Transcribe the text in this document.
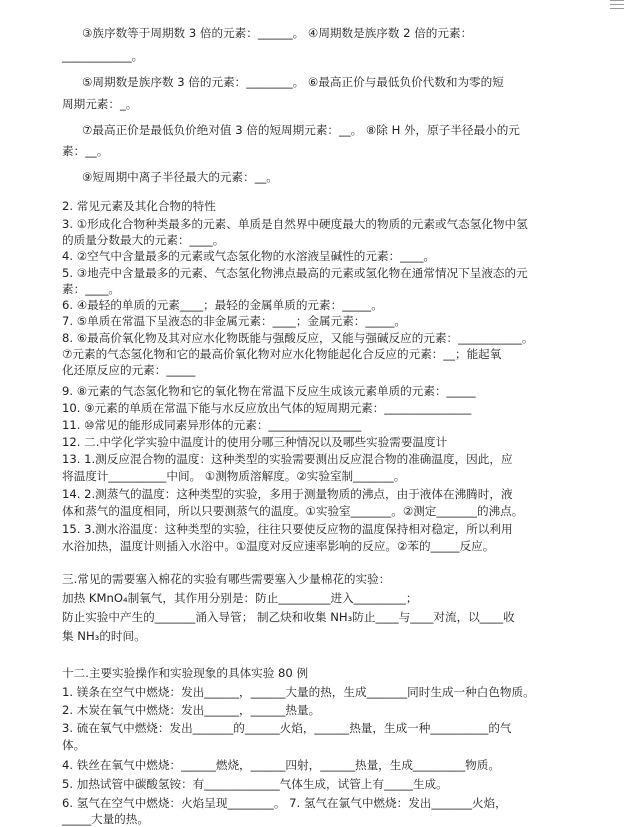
③族序数等于周期数 3 倍的元素：______。 ④周期数是族序数 2 倍的元素：
____________。
⑤周期数是族序数 3 倍的元素：________。 ⑥最高正价与最低负价代数和为零的短
周期元素：_。
⑦最高正价是最低负价绝对值 3 倍的短周期元素：__。 ⑧除 H 外，原子半径最小的元
素：__。
⑨短周期中离子半径最大的元素：__。
2. 常见元素及其化合物的特性
3. ①形成化合物种类最多的元素、单质是自然界中硬度最大的物质的元素或气态氢化物中氢
的质量分数最大的元素：____。
4. ②空气中含量最多的元素或气态氢化物的水溶液呈碱性的元素：____。
5. ③地壳中含量最多的元素、气态氢化物沸点最高的元素或氢化物在通常情况下呈液态的元
素：____。
6. ④最轻的单质的元素____；最轻的金属单质的元素：_____。
7. ⑤单质在常温下呈液态的非金属元素：____；金属元素：_____。
8. ⑥最高价氧化物及其对应水化物既能与强酸反应，又能与强碱反应的元素：___________。
⑦元素的气态氢化物和它的最高价氧化物对应水化物能起化合反应的元素：__；能起氧
化还原反应的元素：_____
9. ⑧元素的气态氢化物和它的氧化物在常温下反应生成该元素单质的元素：_____
10. ⑨元素的单质在常温下能与水反应放出气体的短周期元素：_______________
11. ⑩常见的能形成同素异形体的元素：________________
12. 二.中学化学实验中温度计的使用分哪三种情况以及哪些实验需要温度计
13. 1.测反应混合物的温度：这种类型的实验需要测出反应混合物的准确温度，因此，应
将温度计__________中间。 ①测物质溶解度。②实验室制_______。
14. 2.测蒸气的温度：这种类型的实验，多用于测量物质的沸点，由于液体在沸腾时，液
体和蒸气的温度相同，所以只要测蒸气的温度。①实验室_______。②测定_______的沸点。
15. 3.测水浴温度：这种类型的实验，往往只要使反应物的温度保持相对稳定，所以利用
水浴加热，温度计则插入水浴中。①温度对反应速率影响的反应。②苯的_____反应。
三.常见的需要塞入棉花的实验有哪些需要塞入少量棉花的实验：
加热 KMnO₄制氧气，其作用分别是：防止_________进入_________；
防止实验中产生的_______涌入导管； 制乙炔和收集 NH₃防止____与____对流，以____收
集 NH₃的时间。
十二.主要实验操作和实验现象的具体实验 80 例
1. 镁条在空气中燃烧：发出______，______大量的热，生成_______同时生成一种白色物质。
2. 木炭在氧气中燃烧：发出______，______热量。
3. 硫在氧气中燃烧：发出_______的______火焰，______热量，生成一种__________的气
体。
4. 铁丝在氧气中燃烧：______燃烧，______四射，______热量，生成_________物质。
5. 加热试管中碳酸氢铵：有_____________气体生成，试管上有_____生成。
6. 氢气在空气中燃烧：火焰呈现________。 7. 氢气在氯气中燃烧：发出_______火焰，
_____大量的热。
